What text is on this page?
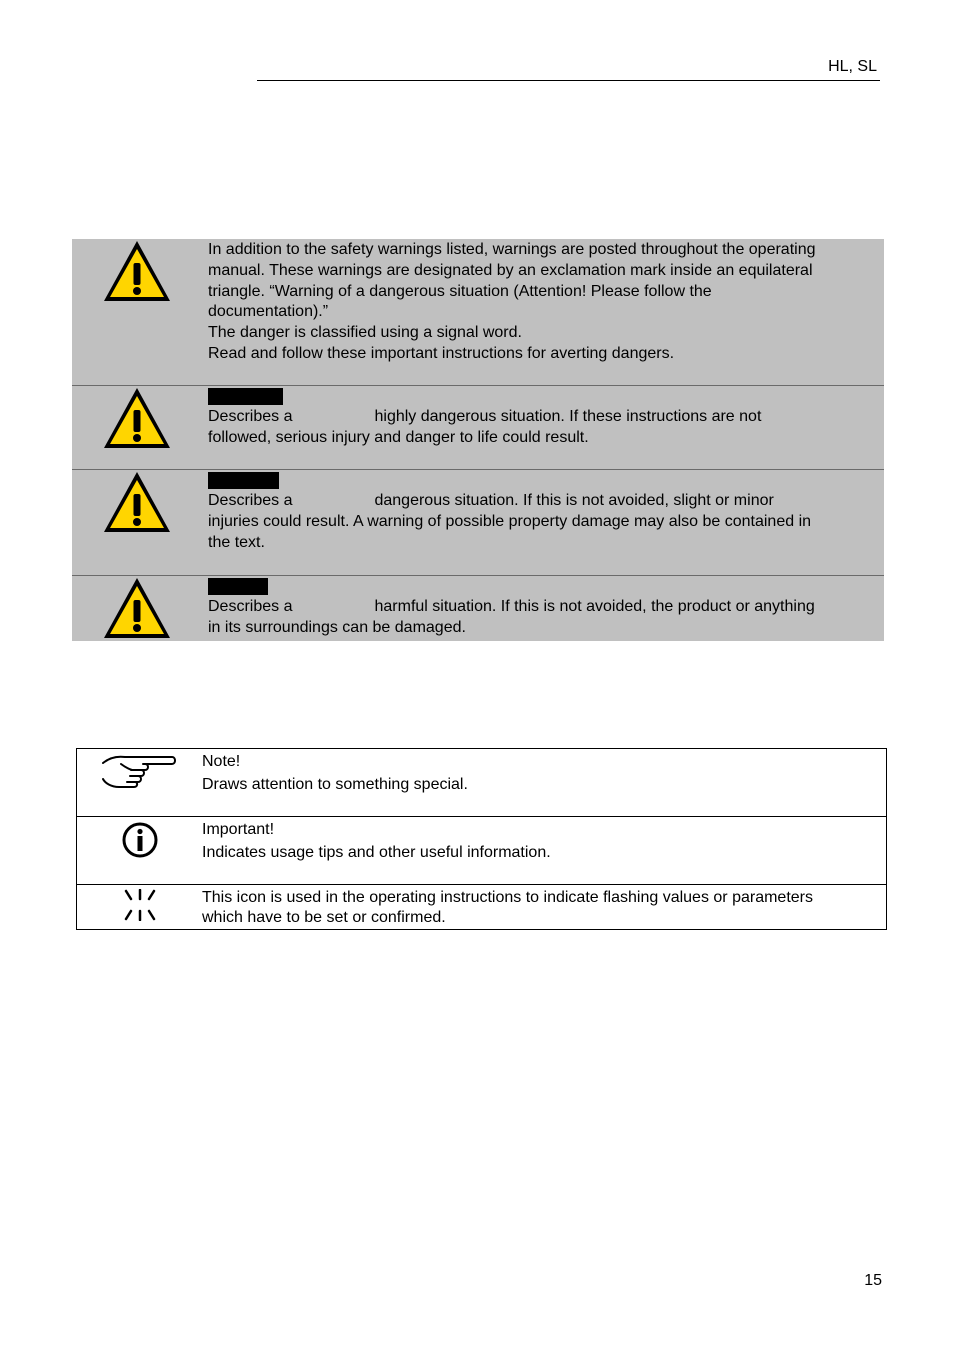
HL, SL
In addition to the safety warnings listed, warnings are posted throughout the operating
manual. These warnings are designated by an exclamation mark inside an equilateral
triangle. “Warning of a dangerous situation (Attention! Please follow the
documentation).”
The danger is classified using a signal word.
Read and follow these important instructions for averting dangers.
Describes a	highly dangerous situation. If these instructions are not
followed, serious injury and danger to life could result.
Describes a	dangerous situation. If this is not avoided, slight or minor
injuries could result. A warning of possible property damage may also be contained in
the text.
Describes a	harmful situation. If this is not avoided, the product or anything
in its surroundings can be damaged.
Note!
Draws attention to something special.
Important!
Indicates usage tips and other useful information.
This icon is used in the operating instructions to indicate flashing values or parameters
which have to be set or confirmed.
15
